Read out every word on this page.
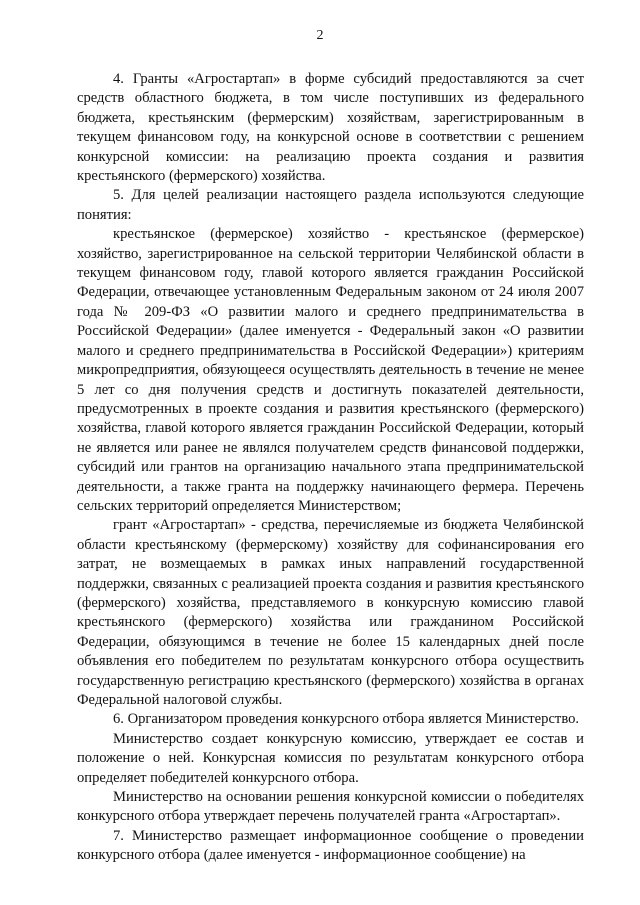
2

4. Гранты «Агростартап» в форме субсидий предоставляются за счет средств областного бюджета, в том числе поступивших из федерального бюджета, крестьянским (фермерским) хозяйствам, зарегистрированным в текущем финансовом году, на конкурсной основе в соответствии с решением конкурсной комиссии: на реализацию проекта создания и развития крестьянского (фермерского) хозяйства.

5. Для целей реализации настоящего раздела используются следующие понятия:

крестьянское (фермерское) хозяйство - крестьянское (фермерское) хозяйство, зарегистрированное на сельской территории Челябинской области в текущем финансовом году, главой которого является гражданин Российской Федерации, отвечающее установленным Федеральным законом от 24 июля 2007 года № 209-ФЗ «О развитии малого и среднего предпринимательства в Российской Федерации» (далее именуется - Федеральный закон «О развитии малого и среднего предпринимательства в Российской Федерации») критериям микропредприятия, обязующееся осуществлять деятельность в течение не менее 5 лет со дня получения средств и достигнуть показателей деятельности, предусмотренных в проекте создания и развития крестьянского (фермерского) хозяйства, главой которого является гражданин Российской Федерации, который не является или ранее не являлся получателем средств финансовой поддержки, субсидий или грантов на организацию начального этапа предпринимательской деятельности, а также гранта на поддержку начинающего фермера. Перечень сельских территорий определяется Министерством;

грант «Агростартап» - средства, перечисляемые из бюджета Челябинской области крестьянскому (фермерскому) хозяйству для софинансирования его затрат, не возмещаемых в рамках иных направлений государственной поддержки, связанных с реализацией проекта создания и развития крестьянского (фермерского) хозяйства, представляемого в конкурсную комиссию главой крестьянского (фермерского) хозяйства или гражданином Российской Федерации, обязующимся в течение не более 15 календарных дней после объявления его победителем по результатам конкурсного отбора осуществить государственную регистрацию крестьянского (фермерского) хозяйства в органах Федеральной налоговой службы.

6. Организатором проведения конкурсного отбора является Министерство.

Министерство создает конкурсную комиссию, утверждает ее состав и положение о ней. Конкурсная комиссия по результатам конкурсного отбора определяет победителей конкурсного отбора.

Министерство на основании решения конкурсной комиссии о победителях конкурсного отбора утверждает перечень получателей гранта «Агростартап».

7. Министерство размещает информационное сообщение о проведении конкурсного отбора (далее именуется - информационное сообщение) на
